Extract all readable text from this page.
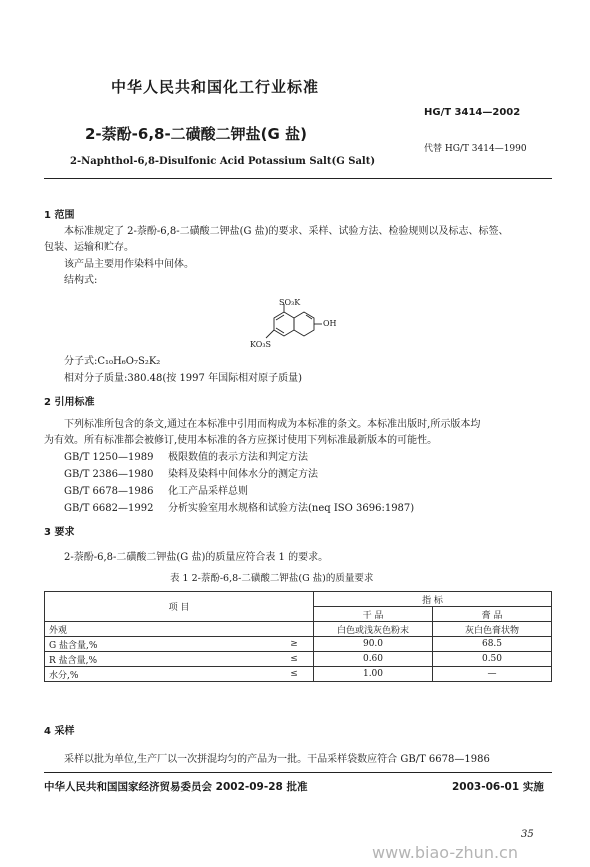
中华人民共和国化工行业标准
HG/T 3414—2002
2-萘酚-6,8-二磺酸二钾盐(G 盐)
代替 HG/T 3414—1990
2-Naphthol-6,8-Disulfonic Acid Potassium Salt(G Salt)
1 范围
本标准规定了 2-萘酚-6,8-二磺酸二钾盐(G 盐)的要求、采样、试验方法、检验规则以及标志、标签、
包装、运输和贮存。
该产品主要用作染料中间体。
结构式:
SO₃K
OH
KO₃S
分子式:C₁₀H₆O₇S₂K₂
相对分子质量:380.48(按 1997 年国际相对原子质量)
2 引用标准
下列标准所包含的条文,通过在本标准中引用而构成为本标准的条文。本标准出版时,所示版本均
为有效。所有标准都会被修订,使用本标准的各方应探讨使用下列标准最新版本的可能性。
GB/T 1250—1989 极限数值的表示方法和判定方法
GB/T 2386—1980 染料及染料中间体水分的测定方法
GB/T 6678—1986 化工产品采样总则
GB/T 6682—1992 分析实验室用水规格和试验方法(neq ISO 3696:1987)
3 要求
2-萘酚-6,8-二磺酸二钾盐(G 盐)的质量应符合表 1 的要求。
表 1 2-萘酚-6,8-二磺酸二钾盐(G 盐)的质量要求
项 目		指 标	
		干 品	膏 品
外观		白色或浅灰色粉末	灰白色膏状物
G 盐含量,%	≥	90.0	68.5
R 盐含量,%	≤	0.60	0.50
水分,%	≤	1.00	—
4 采样
采样以批为单位,生产厂以一次拼混均匀的产品为一批。干品采样袋数应符合 GB/T 6678—1986
中华人民共和国国家经济贸易委员会 2002-09-28 批准	2003-06-01 实施
35
www.biao-zhun.cn
